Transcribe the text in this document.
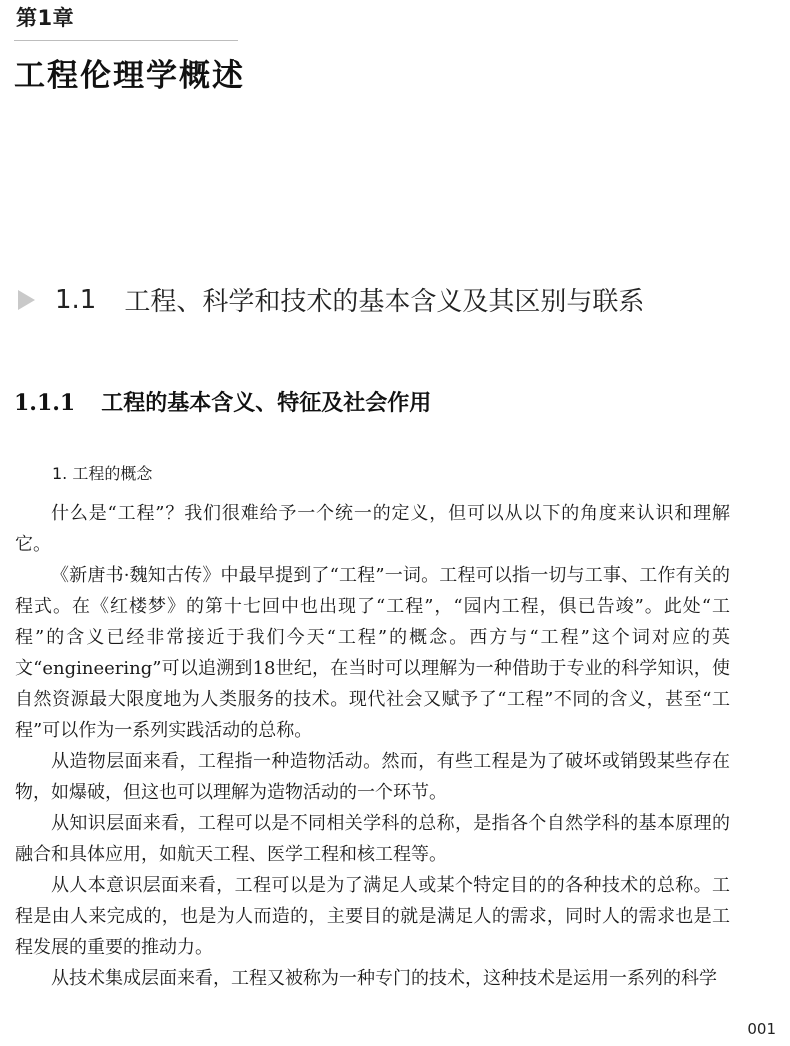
第1章
工程伦理学概述
1.1 工程、科学和技术的基本含义及其区别与联系
1.1.1 工程的基本含义、特征及社会作用
1. 工程的概念

什么是“工程”？我们很难给予一个统一的定义，但可以从以下的角度来认识和理解它。

《新唐书·魏知古传》中最早提到了“工程”一词。工程可以指一切与工事、工作有关的程式。在《红楼梦》的第十七回中也出现了“工程”，“园内工程，俱已告竣”。此处“工程”的含义已经非常接近于我们今天“工程”的概念。西方与“工程”这个词对应的英文“engineering”可以追溯到18世纪，在当时可以理解为一种借助于专业的科学知识，使自然资源最大限度地为人类服务的技术。现代社会又赋予了“工程”不同的含义，甚至“工程”可以作为一系列实践活动的总称。

从造物层面来看，工程指一种造物活动。然而，有些工程是为了破坏或销毁某些存在物，如爆破，但这也可以理解为造物活动的一个环节。

从知识层面来看，工程可以是不同相关学科的总称，是指各个自然学科的基本原理的融合和具体应用，如航天工程、医学工程和核工程等。

从人本意识层面来看，工程可以是为了满足人或某个特定目的的各种技术的总称。工程是由人来完成的，也是为人而造的，主要目的就是满足人的需求，同时人的需求也是工程发展的重要的推动力。

从技术集成层面来看，工程又被称为一种专门的技术，这种技术是运用一系列的科学

001
